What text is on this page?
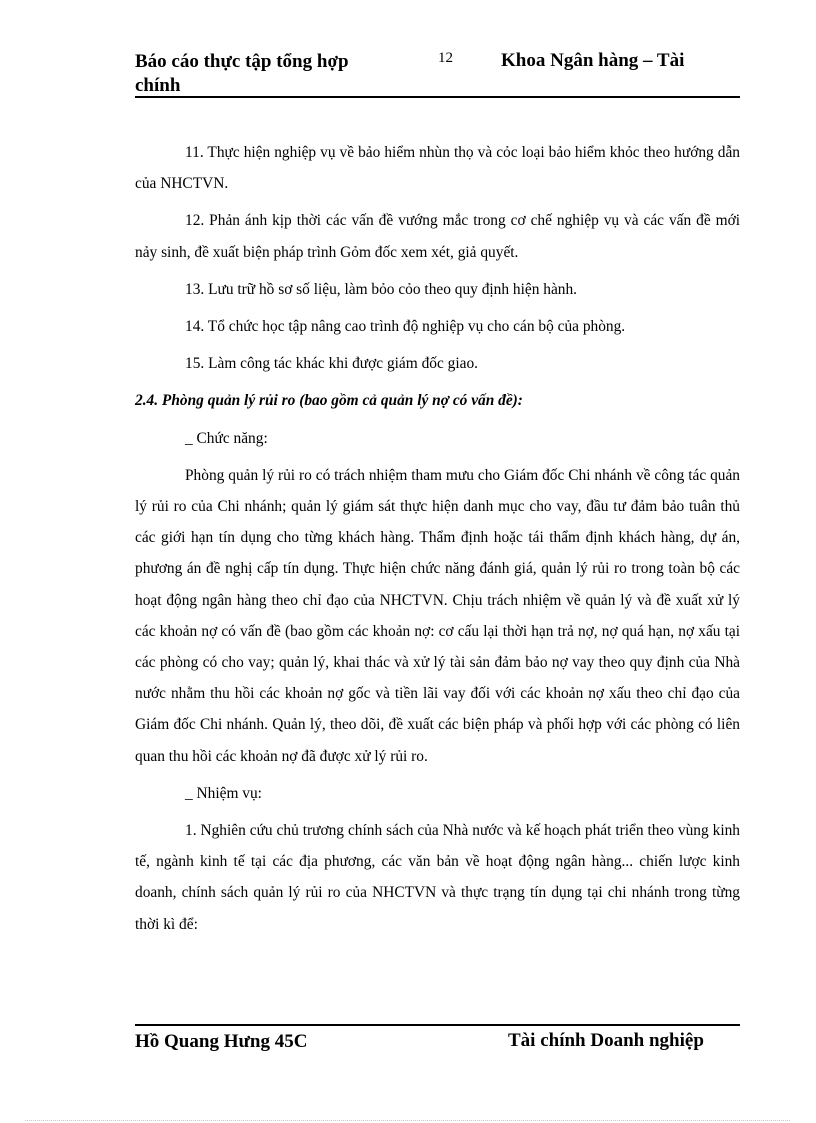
Báo cáo thực tập tổng hợp chính
12	Khoa Ngân hàng – Tài

11. Thực hiện nghiệp vụ về bảo hiểm nhùn thọ và cỏc loại bảo hiểm khỏc theo hướng dẫn của NHCTVN.

12. Phản ánh kịp thời các vấn đề vướng mắc trong cơ chế nghiệp vụ và các vấn đề mới nảy sinh, đề xuất biện pháp trình Gỏm đốc xem xét, giả quyết.

13. Lưu trữ hồ sơ số liệu, làm bỏo cỏo theo quy định hiện hành.

14. Tổ chức học tập nâng cao trình độ nghiệp vụ cho cán bộ của phòng.

15. Làm công tác khác khi được giám đốc giao.

2.4. Phòng quản lý rủi ro (bao gồm cả quản lý nợ có vấn đề):

_ Chức năng:

Phòng quản lý rủi ro có trách nhiệm tham mưu cho Giám đốc Chi nhánh về công tác quản lý rủi ro của Chi nhánh; quản lý giám sát thực hiện danh mục cho vay, đầu tư đảm bảo tuân thủ các giới hạn tín dụng cho từng khách hàng. Thẩm định hoặc tái thẩm định khách hàng, dự án, phương án đề nghị cấp tín dụng. Thực hiện chức năng đánh giá, quản lý rủi ro trong toàn bộ các hoạt động ngân hàng theo chỉ đạo của NHCTVN. Chịu trách nhiệm về quản lý và đề xuất xử lý các khoản nợ có vấn đề (bao gồm các khoản nợ: cơ cấu lại thời hạn trả nợ, nợ quá hạn, nợ xấu tại các phòng có cho vay; quản lý, khai thác và xử lý tài sản đảm bảo nợ vay theo quy định của Nhà nước nhằm thu hồi các khoản nợ gốc và tiền lãi vay đối với các khoản nợ xấu theo chỉ đạo của Giám đốc Chi nhánh. Quản lý, theo dõi, đề xuất các biện pháp và phối hợp với các phòng có liên quan thu hồi các khoản nợ đã được xử lý rủi ro.

_ Nhiệm vụ:

1. Nghiên cứu chủ trương chính sách của Nhà nước và kế hoạch phát triển theo vùng kinh tế, ngành kinh tế tại các địa phương, các văn bản về hoạt động ngân hàng... chiến lược kinh doanh, chính sách quản lý rủi ro của NHCTVN và thực trạng tín dụng tại chi nhánh trong từng thời kì để:

Hồ Quang Hưng 45C	Tài chính Doanh nghiệp
